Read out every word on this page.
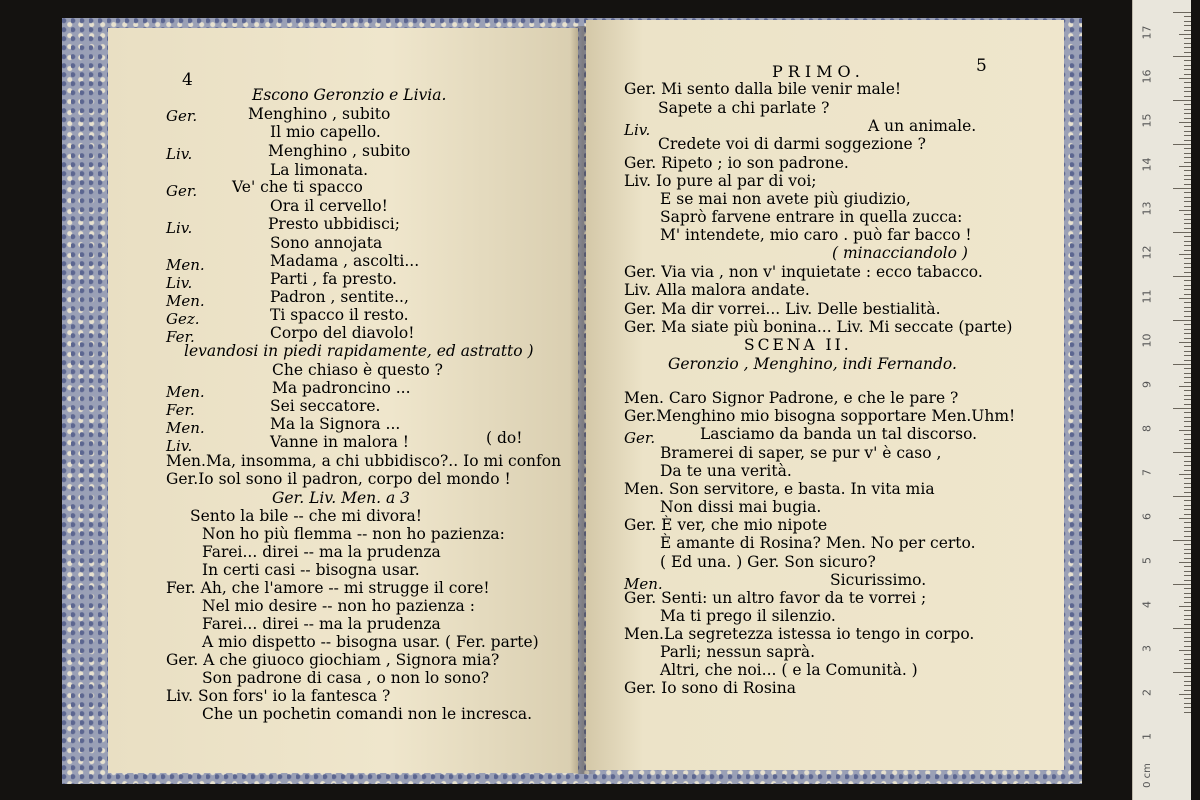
4
Escono Geronzio e Livia.
Ger.	Menghino , subito
Il mio capello.
Liv.	Menghino , subito
La limonata.
Ger. Ve' che ti spacco
Ora il cervello!
Liv.	Presto ubbidisci;
Sono annojata
Men.	Madama , ascolti...
Liv.	Parti , fa presto.
Men.	Padron , sentite..,
Gez.	Ti spacco il resto.
Fer.	Corpo del diavolo!
levandosi in piedi rapidamente, ed astratto )
Che chiaso è questo ?
Men.	Ma padroncino ...
Fer.	Sei seccatore.
Men.	Ma la Signora ...
Liv.	Vanne in malora !	( do!
Men.Ma, insomma, a chi ubbidisco?.. Io mi confon
Ger.Io sol sono il padron, corpo del mondo !
Ger. Liv. Men. a 3
Sento la bile -- che mi divora!
Non ho più flemma -- non ho pazienza:
Farei... direi -- ma la prudenza
In certi casi -- bisogna usar.
Fer. Ah, che l'amore -- mi strugge il core!
Nel mio desire -- non ho pazienza :
Farei... direi -- ma la prudenza
A mio dispetto -- bisogna usar. ( Fer. parte)
Ger. A che giuoco giochiam , Signora mia?
Son padrone di casa , o non lo sono?
Liv. Son fors' io la fantesca ?
Che un pochetin comandi non le incresca.
PRIMO.	5
Ger. Mi sento dalla bile venir male!
Sapete a chi parlate ?
Liv.	A un animale.
Credete voi di darmi soggezione ?
Ger. Ripeto ; io son padrone.
Liv. Io pure al par di voi;
E se mai non avete più giudizio,
Saprò farvene entrare in quella zucca:
M' intendete, mio caro . può far bacco !
( minacciandolo )
Ger. Via via , non v' inquietate : ecco tabacco.
Liv. Alla malora andate.
Ger. Ma dir vorrei... Liv. Delle bestialità.
Ger. Ma siate più bonina... Liv. Mi seccate (parte)
SCENA II.
Geronzio , Menghino, indi Fernando.
Men. Caro Signor Padrone, e che le pare ?
Ger.Menghino mio bisogna sopportare Men.Uhm!
Ger.	Lasciamo da banda un tal discorso.
Bramerei di saper, se pur v' è caso ,
Da te una verità.
Men. Son servitore, e basta. In vita mia
Non dissi mai bugia.
Ger. È ver, che mio nipote
È amante di Rosina? Men. No per certo.
( Ed una. ) Ger. Son sicuro?
Men.	Sicurissimo.
Ger. Senti: un altro favor da te vorrei ;
Ma ti prego il silenzio.
Men.La segretezza istessa io tengo in corpo.
Parli; nessun saprà.
Altri, che noi... ( e la Comunità. )
Ger. Io sono di Rosina
17
16
15
14
13
12
11
10
9
8
7
6
5
4
3
2
1
0 cm
